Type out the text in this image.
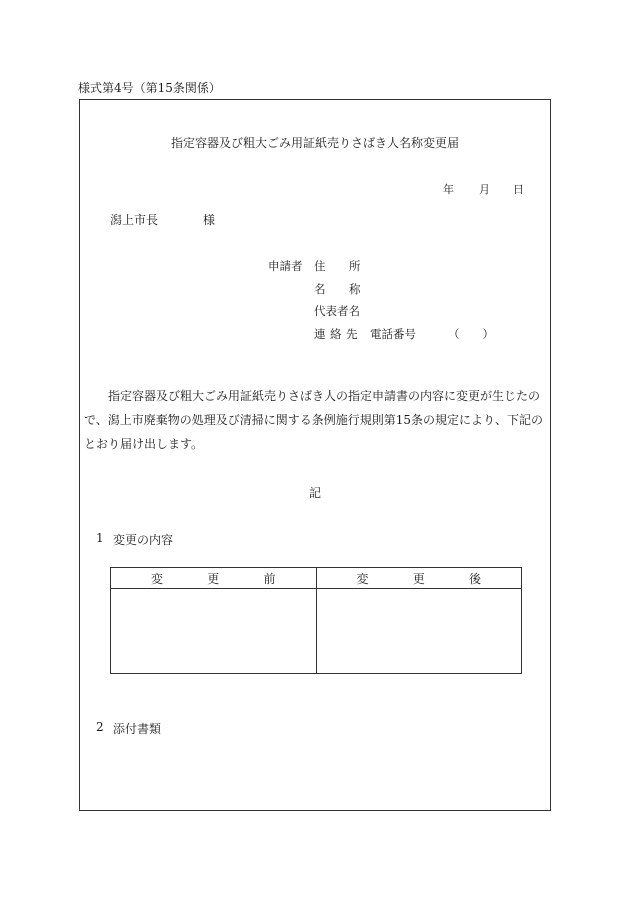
様式第4号（第15条関係）
指定容器及び粗大ごみ用証紙売りさばき人名称変更届
年 月 日
潟上市長	様
申請者 住 所
名 称
代表者名
連 絡 先 電話番号	（　　）
指定容器及び粗大ごみ用証紙売りさばき人の指定申請書の内容に変更が生じたので、潟上市廃棄物の処理及び清掃に関する条例施行規則第15条の規定により、下記のとおり届け出します。
記
1 変更の内容
変 更 前	変 更 後

2 添付書類
